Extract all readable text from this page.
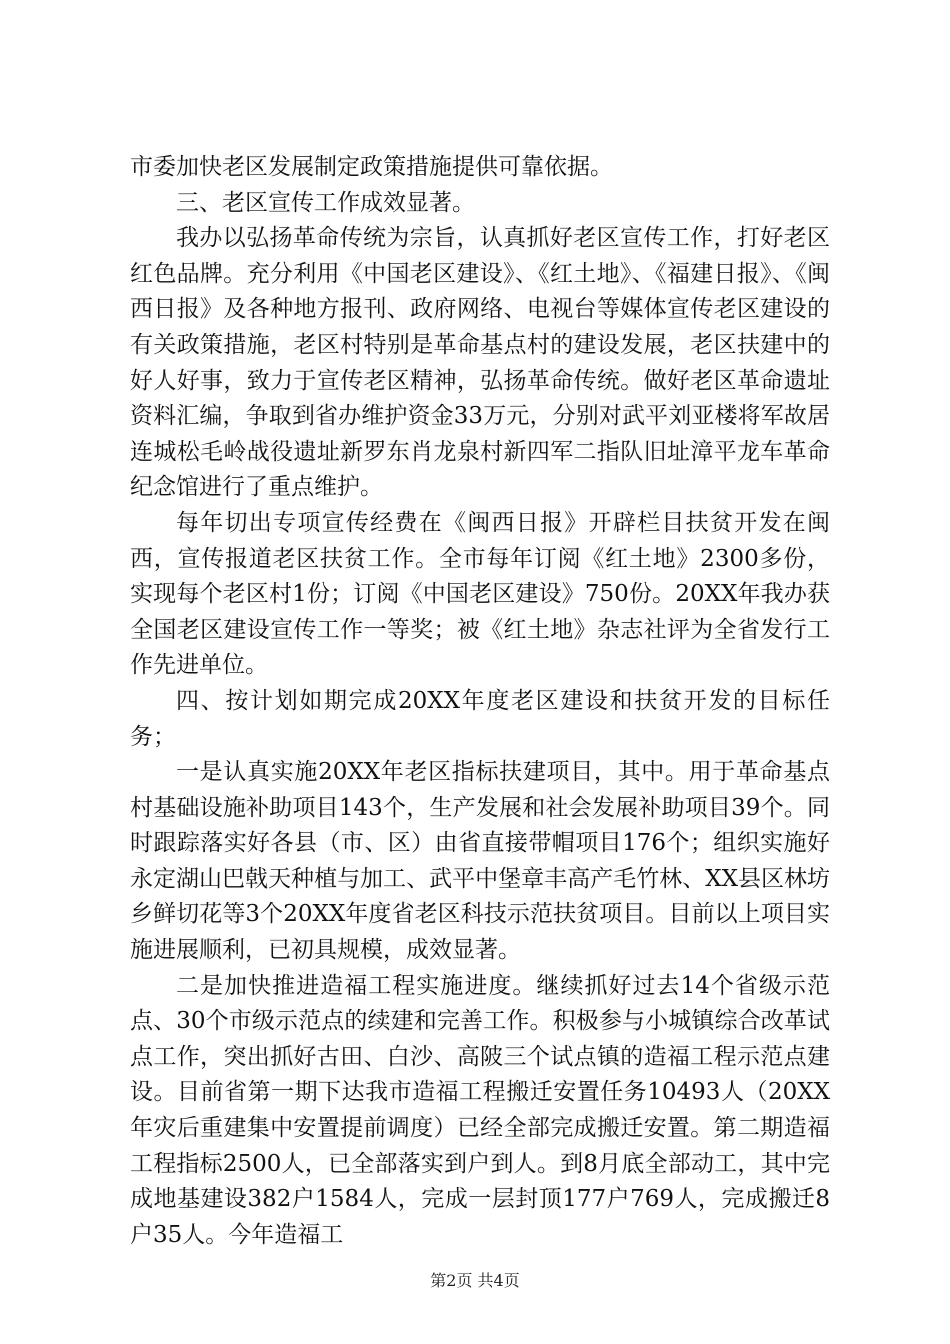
市委加快老区发展制定政策措施提供可靠依据。

三、老区宣传工作成效显著。

我办以弘扬革命传统为宗旨，认真抓好老区宣传工作，打好老区红色品牌。充分利用《中国老区建设》、《红土地》、《福建日报》、《闽西日报》及各种地方报刊、政府网络、电视台等媒体宣传老区建设的有关政策措施，老区村特别是革命基点村的建设发展，老区扶建中的好人好事，致力于宣传老区精神，弘扬革命传统。做好老区革命遗址资料汇编，争取到省办维护资金33万元，分别对武平刘亚楼将军故居连城松毛岭战役遗址新罗东肖龙泉村新四军二指队旧址漳平龙车革命纪念馆进行了重点维护。

每年切出专项宣传经费在《闽西日报》开辟栏目扶贫开发在闽西，宣传报道老区扶贫工作。全市每年订阅《红土地》2300多份，实现每个老区村1份；订阅《中国老区建设》750份。20XX年我办获全国老区建设宣传工作一等奖；被《红土地》杂志社评为全省发行工作先进单位。

四、按计划如期完成20XX年度老区建设和扶贫开发的目标任务；

一是认真实施20XX年老区指标扶建项目，其中。用于革命基点村基础设施补助项目143个，生产发展和社会发展补助项目39个。同时跟踪落实好各县（市、区）由省直接带帽项目176个；组织实施好永定湖山巴戟天种植与加工、武平中堡章丰高产毛竹林、XX县区林坊乡鲜切花等3个20XX年度省老区科技示范扶贫项目。目前以上项目实施进展顺利，已初具规模，成效显著。

二是加快推进造福工程实施进度。继续抓好过去14个省级示范点、30个市级示范点的续建和完善工作。积极参与小城镇综合改革试点工作，突出抓好古田、白沙、高陂三个试点镇的造福工程示范点建设。目前省第一期下达我市造福工程搬迁安置任务10493人（20XX年灾后重建集中安置提前调度）已经全部完成搬迁安置。第二期造福工程指标2500人，已全部落实到户到人。到8月底全部动工，其中完成地基建设382户1584人，完成一层封顶177户769人，完成搬迁8户35人。今年造福工

第2页 共4页
